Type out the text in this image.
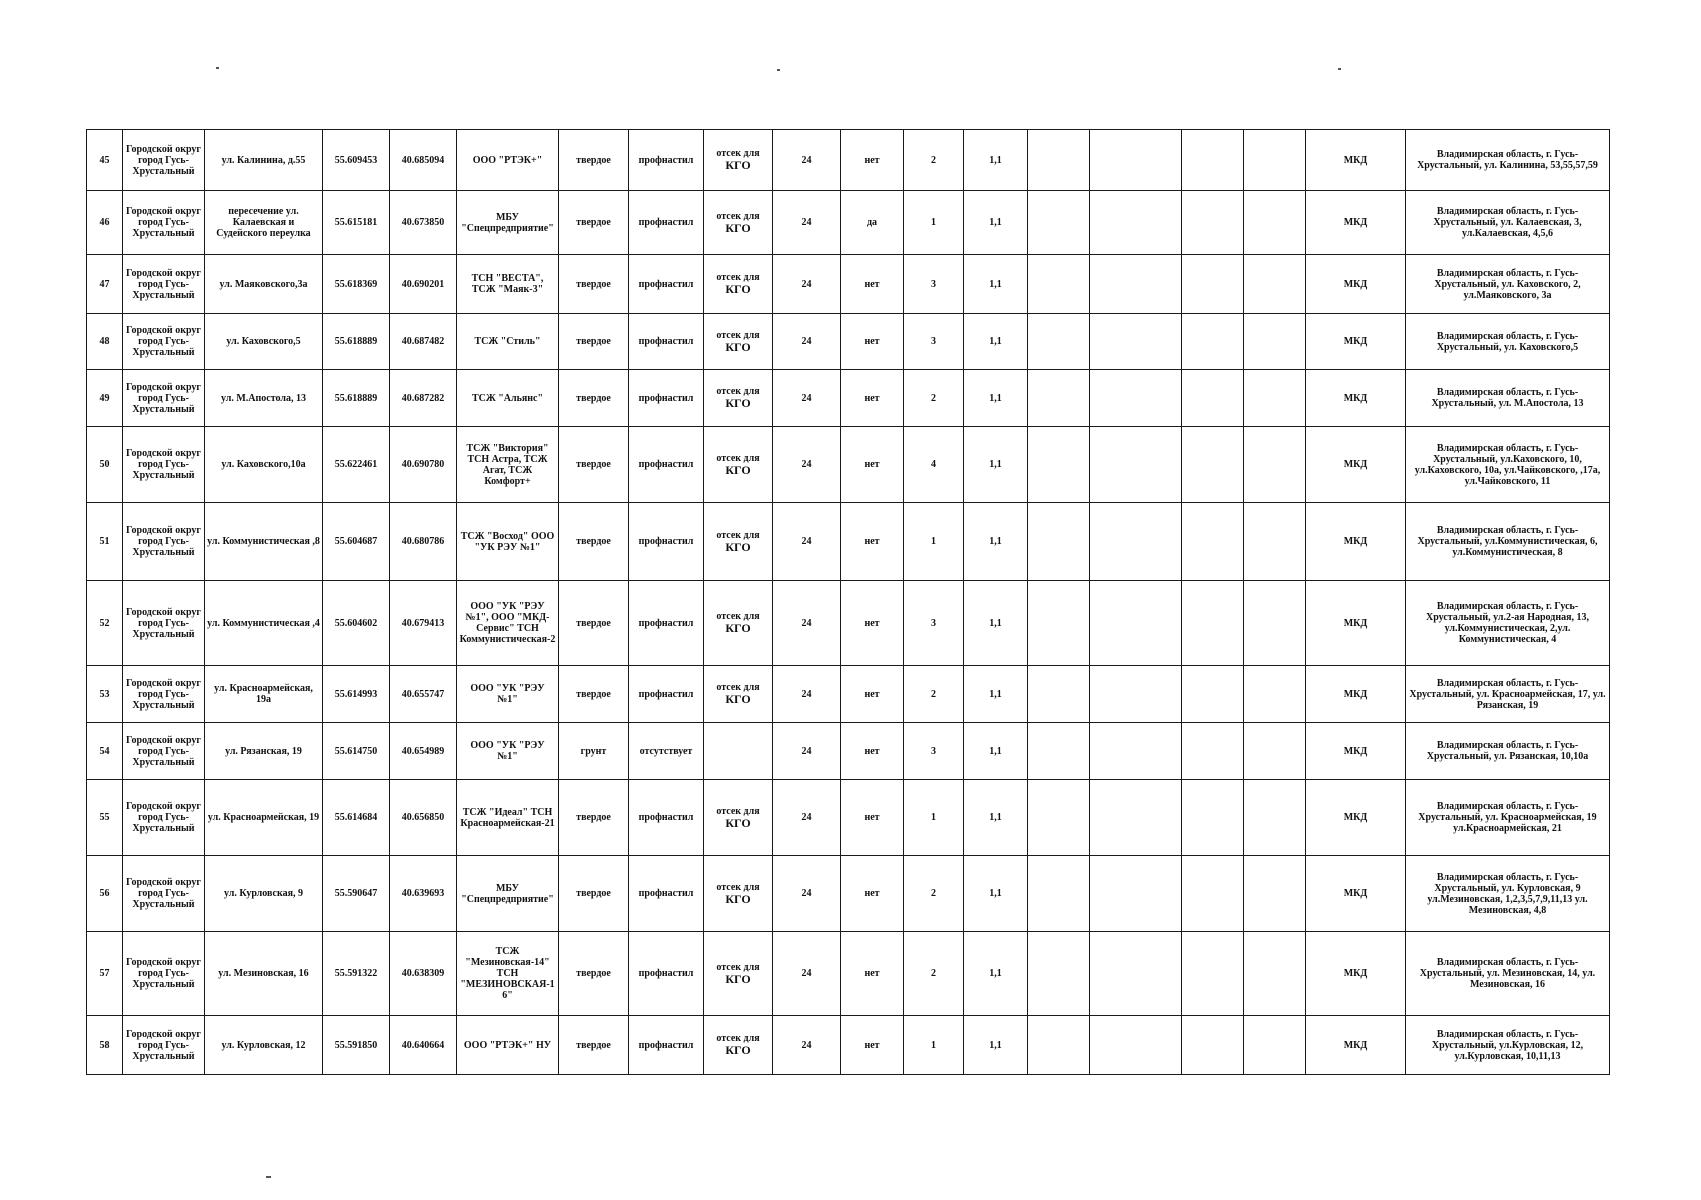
45	Городской округ город Гусь-Хрустальный	ул. Калинина, д.55	55.609453	40.685094	ООО "РТЭК+"	твердое	профнастил	отсек для
КГО	24	нет	2	1,1					МКД	Владимирская область, г. Гусь-Хрустальный, ул. Калинина, 53,55,57,59
46	Городской округ город Гусь-Хрустальный	пересечение ул. Калаевская и Судейского переулка	55.615181	40.673850	МБУ "Спецпредприятие"	твердое	профнастил	отсек для
КГО	24	да	1	1,1					МКД	Владимирская область, г. Гусь-Хрустальный, ул. Калаевская, 3, ул.Калаевская, 4,5,6
47	Городской округ город Гусь-Хрустальный	ул. Маяковского,3а	55.618369	40.690201	ТСН "ВЕСТА", ТСЖ "Маяк-3"	твердое	профнастил	отсек для
КГО	24	нет	3	1,1					МКД	Владимирская область, г. Гусь-Хрустальный, ул. Каховского, 2, ул.Маяковского, 3а
48	Городской округ город Гусь-Хрустальный	ул. Каховского,5	55.618889	40.687482	ТСЖ "Стиль"	твердое	профнастил	отсек для
КГО	24	нет	3	1,1					МКД	Владимирская область, г. Гусь-Хрустальный, ул. Каховского,5
49	Городской округ город Гусь-Хрустальный	ул. М.Апостола, 13	55.618889	40.687282	ТСЖ "Альянс"	твердое	профнастил	отсек для
КГО	24	нет	2	1,1					МКД	Владимирская область, г. Гусь-Хрустальный, ул. М.Апостола, 13
50	Городской округ город Гусь-Хрустальный	ул. Каховского,10а	55.622461	40.690780	ТСЖ "Виктория" ТСН Астра, ТСЖ Агат, ТСЖ Комфорт+	твердое	профнастил	отсек для
КГО	24	нет	4	1,1					МКД	Владимирская область, г. Гусь-Хрустальный, ул.Каховского, 10, ул.Каховского, 10а, ул.Чайковского, ,17а, ул.Чайковского, 11
51	Городской округ город Гусь-Хрустальный	ул. Коммунистическая ,8	55.604687	40.680786	ТСЖ "Восход" ООО "УК РЭУ №1"	твердое	профнастил	отсек для
КГО	24	нет	1	1,1					МКД	Владимирская область, г. Гусь-Хрустальный, ул.Коммунистическая, 6, ул.Коммунистическая, 8
52	Городской округ город Гусь-Хрустальный	ул. Коммунистическая ,4	55.604602	40.679413	ООО "УК "РЭУ №1", ООО "МКД-Сервис" ТСН Коммунистическая-2	твердое	профнастил	отсек для
КГО	24	нет	3	1,1					МКД	Владимирская область, г. Гусь-Хрустальный, ул.2-ая Народная, 13, ул.Коммунистическая, 2,ул. Коммунистическая, 4
53	Городской округ город Гусь-Хрустальный	ул. Красноармейская, 19а	55.614993	40.655747	ООО "УК "РЭУ №1"	твердое	профнастил	отсек для
КГО	24	нет	2	1,1					МКД	Владимирская область, г. Гусь-Хрустальный, ул. Красноармейская, 17, ул. Рязанская, 19
54	Городской округ город Гусь-Хрустальный	ул. Рязанская, 19	55.614750	40.654989	ООО "УК "РЭУ №1"	грунт	отсутствует		24	нет	3	1,1					МКД	Владимирская область, г. Гусь-Хрустальный, ул. Рязанская, 10,10а
55	Городской округ город Гусь-Хрустальный	ул. Красноармейская, 19	55.614684	40.656850	ТСЖ "Идеал" ТСН Красноармейская-21	твердое	профнастил	отсек для
КГО	24	нет	1	1,1					МКД	Владимирская область, г. Гусь-Хрустальный, ул. Красноармейская, 19 ул.Красноармейская, 21
56	Городской округ город Гусь-Хрустальный	ул. Курловская, 9	55.590647	40.639693	МБУ "Спецпредприятие"	твердое	профнастил	отсек для
КГО	24	нет	2	1,1					МКД	Владимирская область, г. Гусь-Хрустальный, ул. Курловская, 9 ул.Мезиновская, 1,2,3,5,7,9,11,13 ул. Мезиновская, 4,8
57	Городской округ город Гусь-Хрустальный	ул. Мезиновская, 16	55.591322	40.638309	ТСЖ "Мезиновская-14" ТСН "МЕЗИНОВСКАЯ-16"	твердое	профнастил	отсек для
КГО	24	нет	2	1,1					МКД	Владимирская область, г. Гусь-Хрустальный, ул. Мезиновская, 14, ул. Мезиновская, 16
58	Городской округ город Гусь-Хрустальный	ул. Курловская, 12	55.591850	40.640664	ООО "РТЭК+" НУ	твердое	профнастил	отсек для
КГО	24	нет	1	1,1					МКД	Владимирская область, г. Гусь-Хрустальный, ул.Курловская, 12, ул.Курловская, 10,11,13
